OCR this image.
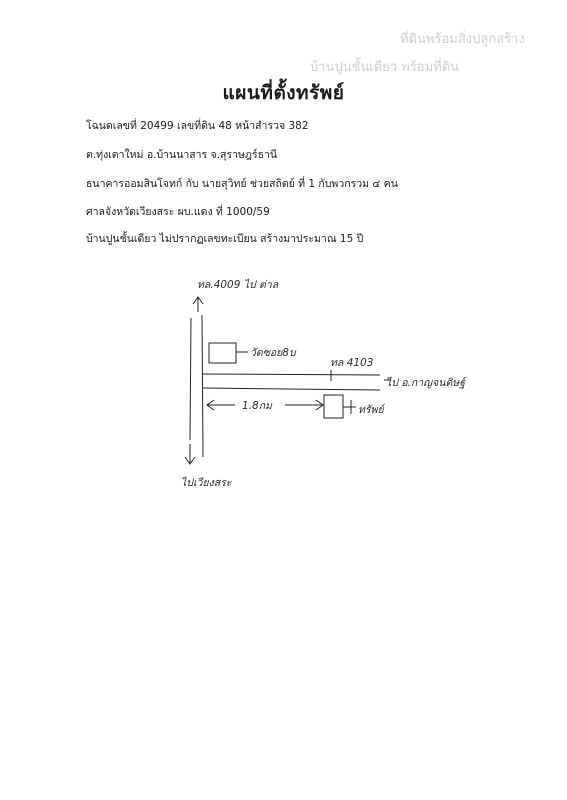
ที่ดินพร้อมสิ่งปลูกสร้าง
บ้านปูนชั้นเดียว พร้อมที่ดิน
แผนที่ตั้งทรัพย์
โฉนดเลขที่ 20499 เลขที่ดิน 48 หน้าสำรวจ 382
ต.ทุ่งเตาใหม่ อ.บ้านนาสาร จ.สุราษฎร์ธานี
ธนาคารออมสินโจทก์ กับ นายสุวิทย์ ช่วยสถิตย์ ที่ 1 กับพวกรวม ๔ คน
ศาลจังหวัดเวียงสระ ผบ.แดง ที่ 1000/59
บ้านปูนชั้นเดียว ไม่ปรากฏเลขทะเบียน สร้างมาประมาณ 15 ปี
ทล.4009 ไป ต่าล
วัดซอย8บ
ทล 4103
ไป อ.กาญจนดิษฐ์
1.8กม	ทรัพย์
ไปเวียงสระ
